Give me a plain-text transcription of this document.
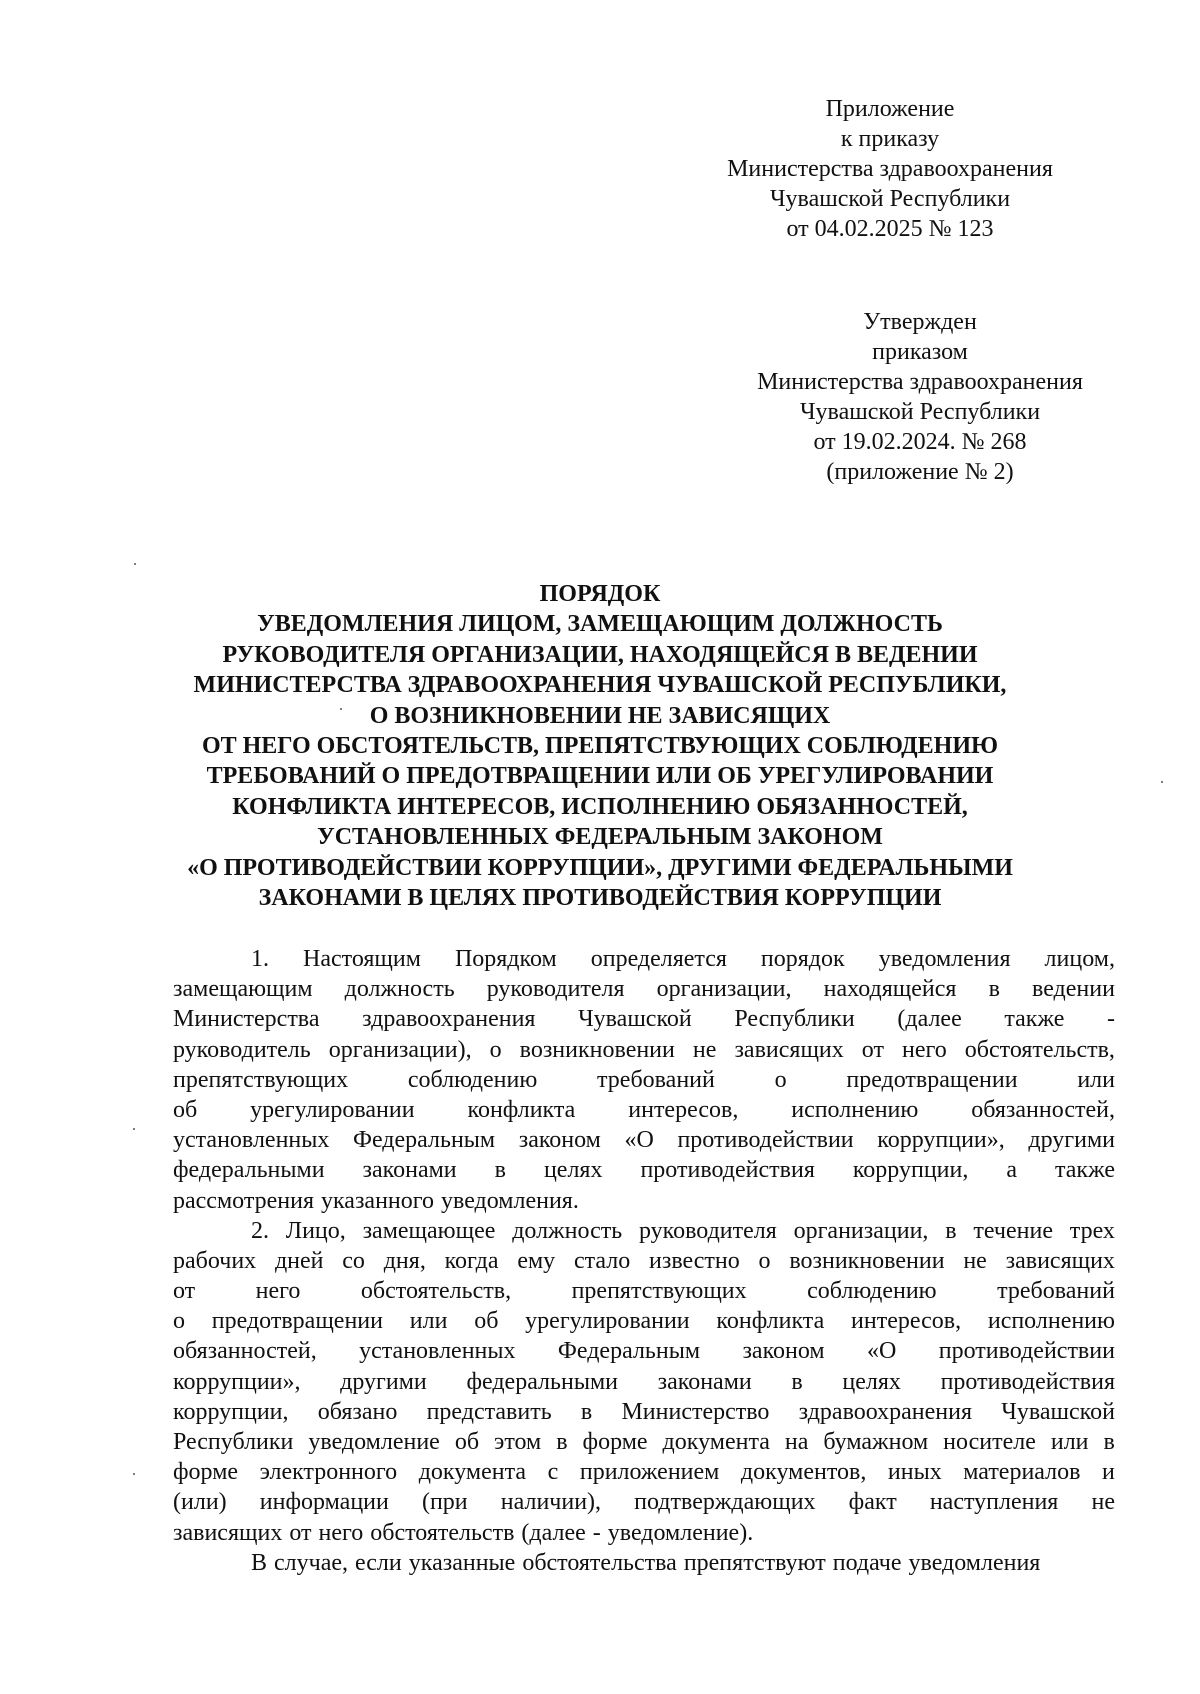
Приложение
к приказу
Министерства здравоохранения
Чувашской Республики
от 04.02.2025 № 123
Утвержден
приказом
Министерства здравоохранения
Чувашской Республики
от 19.02.2024. № 268
(приложение № 2)
ПОРЯДОК
УВЕДОМЛЕНИЯ ЛИЦОМ, ЗАМЕЩАЮЩИМ ДОЛЖНОСТЬ
РУКОВОДИТЕЛЯ ОРГАНИЗАЦИИ, НАХОДЯЩЕЙСЯ В ВЕДЕНИИ
МИНИСТЕРСТВА ЗДРАВООХРАНЕНИЯ ЧУВАШСКОЙ РЕСПУБЛИКИ,
О ВОЗНИКНОВЕНИИ НЕ ЗАВИСЯЩИХ
ОТ НЕГО ОБСТОЯТЕЛЬСТВ, ПРЕПЯТСТВУЮЩИХ СОБЛЮДЕНИЮ
ТРЕБОВАНИЙ О ПРЕДОТВРАЩЕНИИ ИЛИ ОБ УРЕГУЛИРОВАНИИ
КОНФЛИКТА ИНТЕРЕСОВ, ИСПОЛНЕНИЮ ОБЯЗАННОСТЕЙ,
УСТАНОВЛЕННЫХ ФЕДЕРАЛЬНЫМ ЗАКОНОМ
«О ПРОТИВОДЕЙСТВИИ КОРРУПЦИИ», ДРУГИМИ ФЕДЕРАЛЬНЫМИ
ЗАКОНАМИ В ЦЕЛЯХ ПРОТИВОДЕЙСТВИЯ КОРРУПЦИИ
1. Настоящим Порядком определяется порядок уведомления лицом,
замещающим должность руководителя организации, находящейся в ведении
Министерства здравоохранения Чувашской Республики (далее также -
руководитель организации), о возникновении не зависящих от него обстоятельств,
препятствующих соблюдению требований о предотвращении или
об урегулировании конфликта интересов, исполнению обязанностей,
установленных Федеральным законом «О противодействии коррупции», другими
федеральными законами в целях противодействия коррупции, а также
рассмотрения указанного уведомления.
2. Лицо, замещающее должность руководителя организации, в течение трех
рабочих дней со дня, когда ему стало известно о возникновении не зависящих
от	него	обстоятельств,	препятствующих	соблюдению	требований
о предотвращении или об урегулировании конфликта интересов, исполнению
обязанностей, установленных Федеральным законом «О противодействии
коррупции», другими федеральными законами в целях противодействия
коррупции, обязано представить в Министерство здравоохранения Чувашской
Республики уведомление об этом в форме документа на бумажном носителе или в
форме электронного документа с приложением документов, иных материалов и
(или) информации (при наличии), подтверждающих факт наступления не
зависящих от него обстоятельств (далее - уведомление).
В случае, если указанные обстоятельства препятствуют подаче уведомления
